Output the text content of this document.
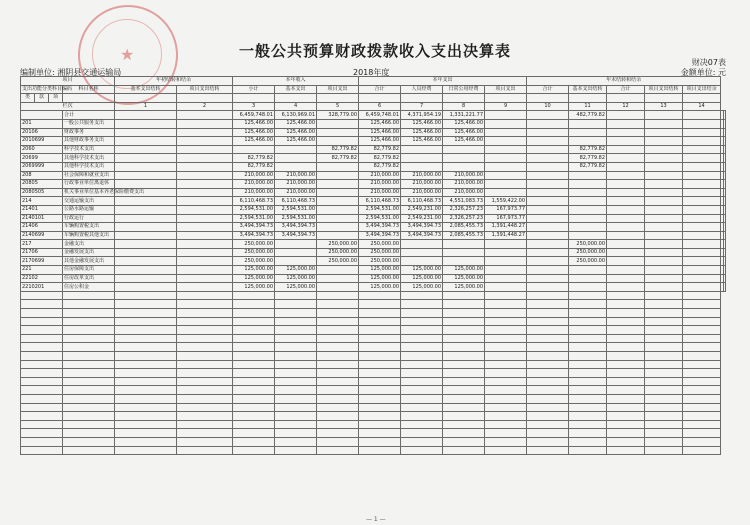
★	一般公共预算财政拨款收入支出决算表
财决07表
编制单位: 湘阴县交通运输局	2018年度	金额单位: 元
项目				年初结转和结余		本年收入			本年支出				年末结转和结余						
支出功能分类科目编码			科目名称	基本支出结转	项目支出结转	小计	基本支出	项目支出	合计	人员经费	日常公用经费	项目支出	合计	基本支出结转	合计	项目支出结转	项目支出结余		
类	款	项																	
栏次				1	2	3	4	5	6	7	8	9	10	11	12	13	14		
			合计			6,459,748.01	6,130,969.01	328,779.00	6,459,748.01	4,371,954.19	1,331,221.77			482,779.82					
201			一般公共服务支出			125,466.00	125,466.00		125,466.00	125,466.00	125,466.00								
20106			财政事务			125,466.00	125,466.00		125,466.00	125,466.00	125,466.00								
2010699			其他财政事务支出			125,466.00	125,466.00		125,466.00	125,466.00	125,466.00								
2060			科学技术支出					82,779.82	82,779.82					82,779.82					
20699			其他科学技术支出			82,779.82		82,779.82	82,779.82					82,779.82					
2069999			其他科学技术支出			82,779.82			82,779.82					82,779.82					
208			社会保障和就业支出			210,000.00	210,000.00		210,000.00	210,000.00	210,000.00								
20805			行政事业单位离退休			210,000.00	210,000.00		210,000.00	210,000.00	210,000.00								
2080505			机关事业单位基本养老保险缴费支出			210,000.00	210,000.00		210,000.00	210,000.00	210,000.00								
214			交通运输支出			6,110,468.73	6,110,468.73		6,110,468.73	6,110,468.73	4,551,083.73	1,559,422.00							
21401			公路水路运输			2,594,531.00	2,594,531.00		2,594,531.00	2,549,231.00	2,326,257.23	167,973.77							
2140101			行政运行			2,594,531.00	2,594,531.00		2,594,531.00	2,549,231.00	2,326,257.23	167,973.77							
21406			车辆购置税支出			3,494,394.73	3,494,394.73		3,494,394.73	3,494,394.73	2,085,455.73	1,391,448.27							
2140699			车辆购置税其他支出			3,494,394.73	3,494,394.73		3,494,394.73	3,494,394.73	2,085,455.73	1,391,448.27							
217			金融支出			250,000.00		250,000.00	250,000.00					250,000.00					
21706			金融发展支出			250,000.00		250,000.00	250,000.00					250,000.00					
2170699			其他金融发展支出			250,000.00		250,000.00	250,000.00					250,000.00					
221			住房保障支出			125,000.00	125,000.00		125,000.00	125,000.00	125,000.00								
22102			住房改革支出			125,000.00	125,000.00		125,000.00	125,000.00	125,000.00								
2210201			住房公积金			125,000.00	125,000.00		125,000.00	125,000.00	125,000.00								

— 1 —
